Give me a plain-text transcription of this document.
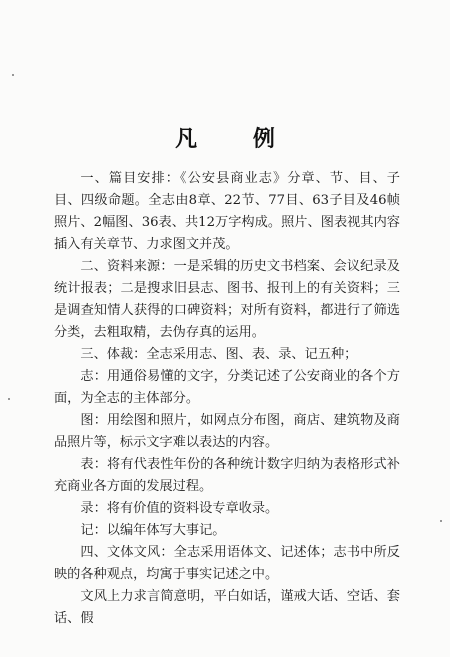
凡 例

一、篇目安排：《公安县商业志》分章、节、目、子目、四级命题。全志由8章、22节、77目、63子目及46帧照片、2幅图、36表、共12万字构成。照片、图表视其内容插入有关章节、力求图文并茂。

二、资料来源：一是采辑的历史文书档案、会议纪录及统计报表；二是搜求旧县志、图书、报刊上的有关资料；三是调查知情人获得的口碑资料；对所有资料，都进行了筛选分类，去粗取精，去伪存真的运用。

三、体裁：全志采用志、图、表、录、记五种；

志：用通俗易懂的文字，分类记述了公安商业的各个方面，为全志的主体部分。

图：用绘图和照片，如网点分布图，商店、建筑物及商品照片等，标示文字难以表达的内容。

表：将有代表性年份的各种统计数字归纳为表格形式补充商业各方面的发展过程。

录：将有价值的资料设专章收录。

记：以编年体写大事记。

四、文体文风：全志采用语体文、记述体；志书中所反映的各种观点，均寓于事实记述之中。

文风上力求言简意明，平白如话，谨戒大话、空话、套话、假
